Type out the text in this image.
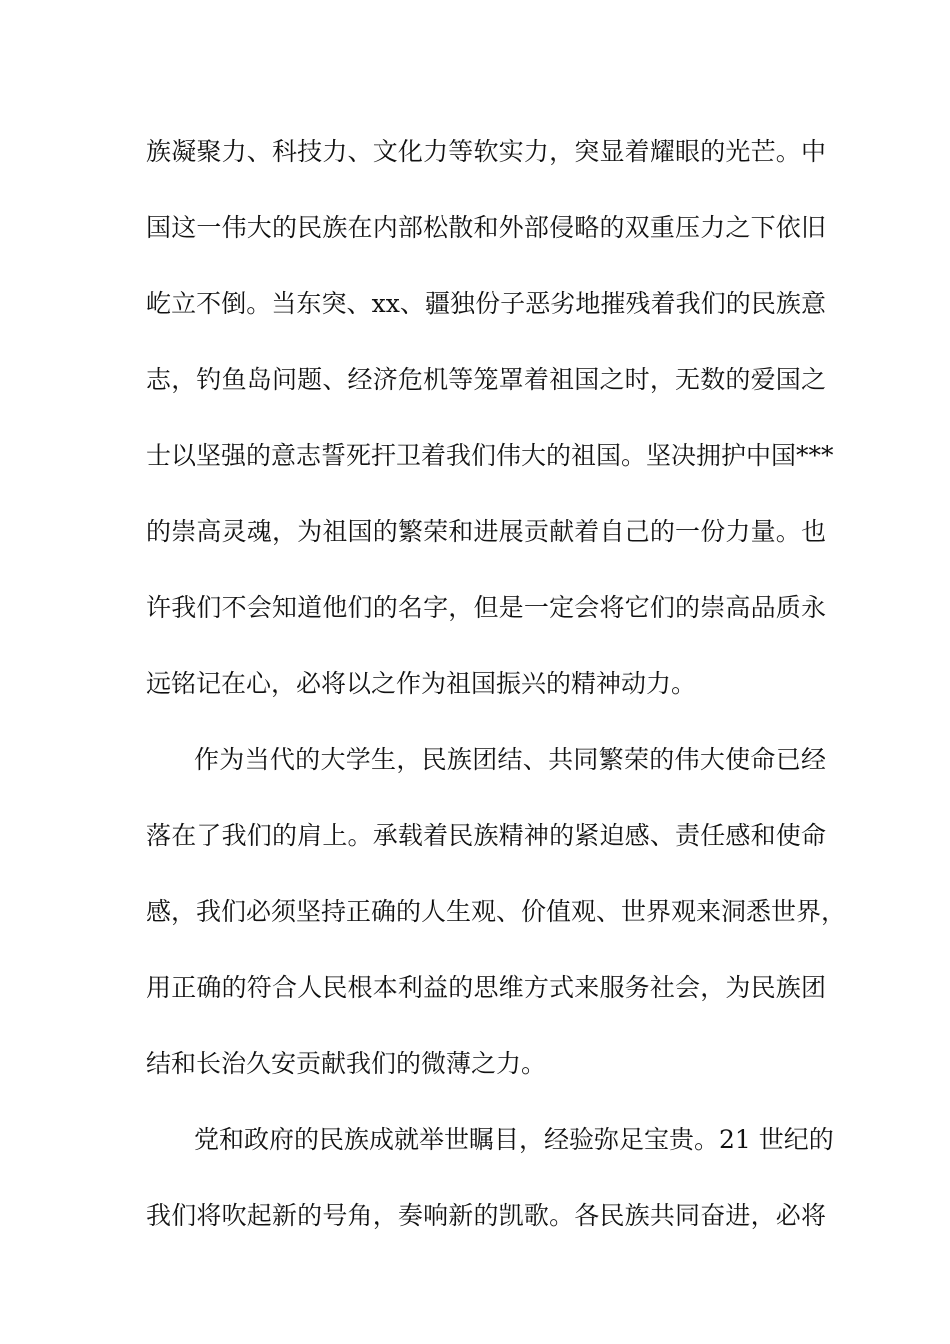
族凝聚力、科技力、文化力等软实力，突显着耀眼的光芒。中
国这一伟大的民族在内部松散和外部侵略的双重压力之下依旧
屹立不倒。当东突、xx、疆独份子恶劣地摧残着我们的民族意
志，钓鱼岛问题、经济危机等笼罩着祖国之时，无数的爱国之
士以坚强的意志誓死扞卫着我们伟大的祖国。坚决拥护中国***
的崇高灵魂，为祖国的繁荣和进展贡献着自己的一份力量。也
许我们不会知道他们的名字，但是一定会将它们的崇高品质永
远铭记在心，必将以之作为祖国振兴的精神动力。
作为当代的大学生，民族团结、共同繁荣的伟大使命已经
落在了我们的肩上。承载着民族精神的紧迫感、责任感和使命
感，我们必须坚持正确的人生观、价值观、世界观来洞悉世界，
用正确的符合人民根本利益的思维方式来服务社会，为民族团
结和长治久安贡献我们的微薄之力。
党和政府的民族成就举世瞩目，经验弥足宝贵。21 世纪的
我们将吹起新的号角，奏响新的凯歌。各民族共同奋进，必将
